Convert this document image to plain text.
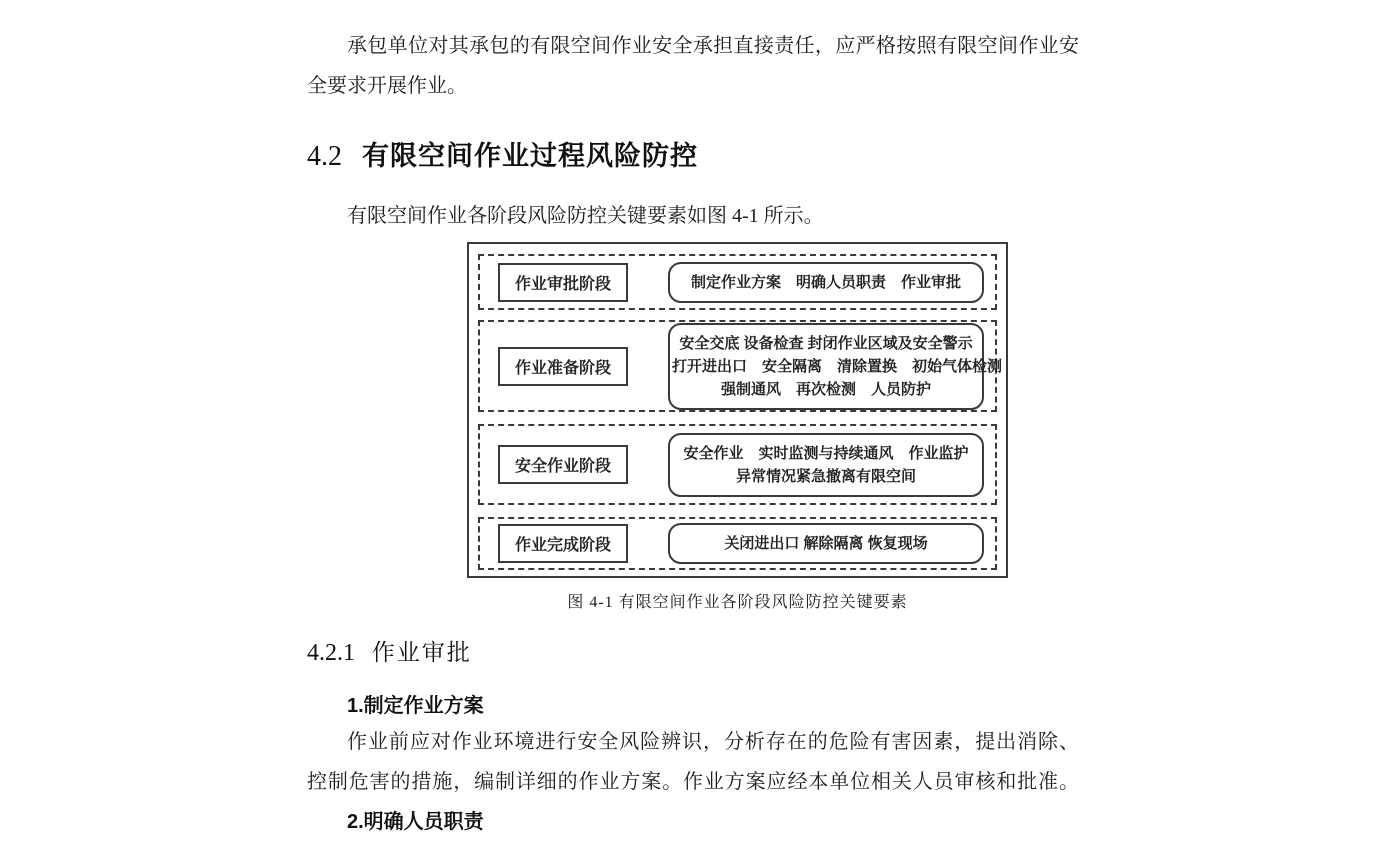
承包单位对其承包的有限空间作业安全承担直接责任，应严格按照有限空间作业安
全要求开展作业。
4.2 有限空间作业过程风险防控
有限空间作业各阶段风险防控关键要素如图 4-1 所示。
作业审批阶段	制定作业方案　明确人员职责　作业审批
作业准备阶段
安全交底 设备检查 封闭作业区域及安全警示
打开进出口　安全隔离　清除置换　初始气体检测
强制通风　再次检测　人员防护
安全作业阶段
安全作业　实时监测与持续通风　作业监护
异常情况紧急撤离有限空间
作业完成阶段	关闭进出口 解除隔离 恢复现场
图 4-1 有限空间作业各阶段风险防控关键要素
4.2.1 作业审批
1.制定作业方案
作业前应对作业环境进行安全风险辨识，分析存在的危险有害因素，提出消除、
控制危害的措施，编制详细的作业方案。作业方案应经本单位相关人员审核和批准。
2.明确人员职责
